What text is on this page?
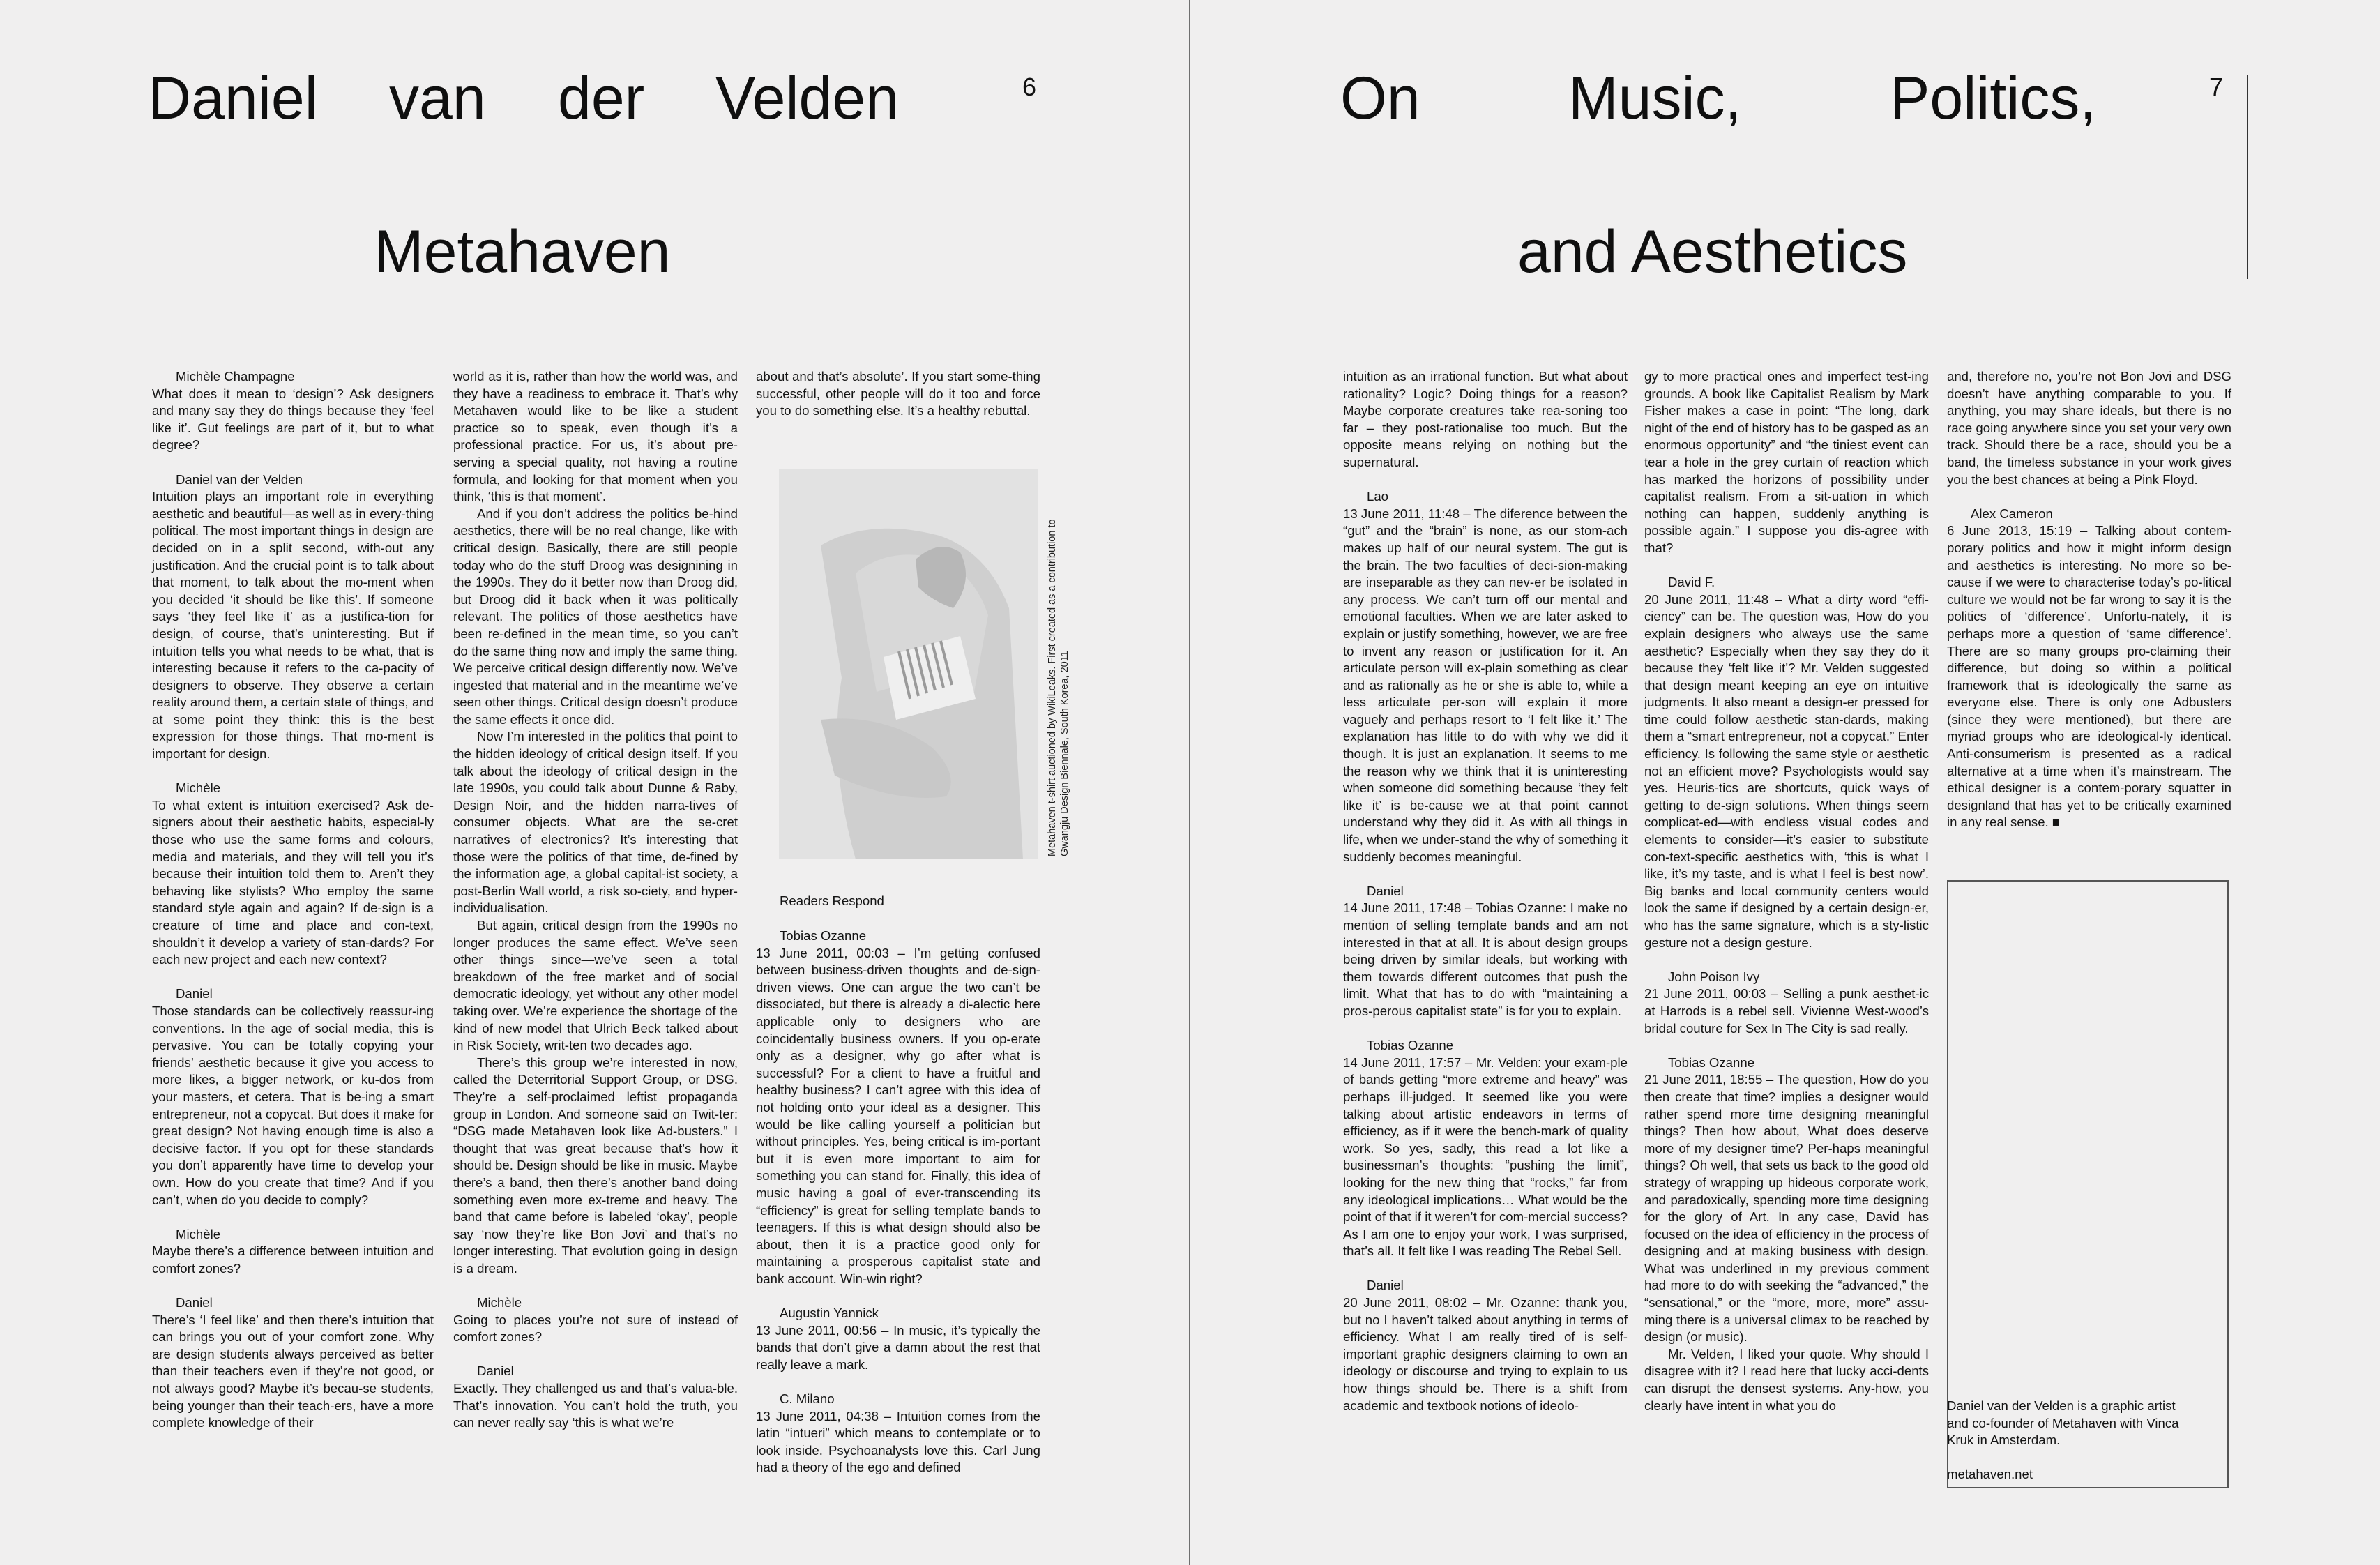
Daniel van der Velden
Metahaven
6

Michèle Champagne

What does it mean to ‘design’? Ask designers and many say they do things because they ‘feel like it’. Gut feelings are part of it, but to what degree?

Daniel van der Velden

Intuition plays an important role in everything aesthetic and beautiful—as well as in every-thing political. The most important things in design are decided on in a split second, with-out any justification. And the crucial point is to talk about that moment, to talk about the mo-ment when you decided ‘it should be like this’. If someone says ‘they feel like it’ as a justifica-tion for design, of course, that’s uninteresting. But if intuition tells you what needs to be what, that is interesting because it refers to the ca-pacity of designers to observe. They observe a certain reality around them, a certain state of things, and at some point they think: this is the best expression for those things. That mo-ment is important for design.

Michèle

To what extent is intuition exercised? Ask de-signers about their aesthetic habits, especial-ly those who use the same forms and colours, media and materials, and they will tell you it’s because their intuition told them to. Aren’t they behaving like stylists? Who employ the same standard style again and again? If de-sign is a creature of time and place and con-text, shouldn’t it develop a variety of stan-dards? For each new project and each new context?

Daniel

Those standards can be collectively reassur-ing conventions. In the age of social media, this is pervasive. You can be totally copying your friends’ aesthetic because it give you access to more likes, a bigger network, or ku-dos from your masters, et cetera. That is be-ing a smart entrepreneur, not a copycat. But does it make for great design? Not having enough time is also a decisive factor. If you opt for these standards you don’t apparently have time to develop your own. How do you create that time? And if you can’t, when do you decide to comply?

Michèle

Maybe there’s a difference between intuition and comfort zones?

Daniel

There’s ‘I feel like’ and then there’s intuition that can brings you out of your comfort zone. Why are design students always perceived as better than their teachers even if they’re not good, or not always good? Maybe it’s becau-se students, being younger than their teach-ers, have a more complete knowledge of their

world as it is, rather than how the world was, and they have a readiness to embrace it. That’s why Metahaven would like to be like a student practice so to speak, even though it’s a professional practice. For us, it’s about pre-serving a special quality, not having a routine formula, and looking for that moment when you think, ‘this is that moment’.

And if you don’t address the politics be-hind aesthetics, there will be no real change, like with critical design. Basically, there are still people today who do the stuff Droog was designining in the 1990s. They do it better now than Droog did, but Droog did it back when it was politically relevant. The politics of those aesthetics have been re-defined in the mean time, so you can’t do the same thing now and imply the same thing. We perceive critical design differently now. We’ve ingested that material and in the meantime we’ve seen other things. Critical design doesn’t produce the same effects it once did.

Now I’m interested in the politics that point to the hidden ideology of critical design itself. If you talk about the ideology of critical design in the late 1990s, you could talk about Dunne & Raby, Design Noir, and the hidden narra-tives of consumer objects. What are the se-cret narratives of electronics? It’s interesting that those were the politics of that time, de-fined by the information age, a global capital-ist society, a post-Berlin Wall world, a risk so-ciety, and hyper-individualisation.

But again, critical design from the 1990s no longer produces the same effect. We’ve seen other things since—we’ve seen a total breakdown of the free market and of social democratic ideology, yet without any other model taking over. We’re experience the shortage of the kind of new model that Ulrich Beck talked about in Risk Society, writ-ten two decades ago.

There’s this group we’re interested in now, called the Deterritorial Support Group, or DSG. They’re a self-proclaimed leftist propaganda group in London. And someone said on Twit-ter: “DSG made Metahaven look like Ad-busters.” I thought that was great because that’s how it should be. Design should be like in music. Maybe there’s a band, then there’s another band doing something even more ex-treme and heavy. The band that came before is labeled ‘okay’, people say ‘now they’re like Bon Jovi’ and that’s no longer interesting. That evolution going in design is a dream.

Michèle

Going to places you’re not sure of instead of comfort zones?

Daniel

Exactly. They challenged us and that’s valua-ble. That’s innovation. You can’t hold the truth, you can never really say ‘this is what we’re

about and that’s absolute’. If you start some-thing successful, other people will do it too and force you to do something else. It’s a healthy rebuttal.

Metahaven t-shirt auctioned by WikiLeaks. First created as a contribution to Gwangju Design Biennale, South Korea, 2011

Readers Respond

Tobias Ozanne

13 June 2011, 00:03 – I’m getting confused between business-driven thoughts and de-sign-driven views. One can argue the two can’t be dissociated, but there is already a di-alectic here applicable only to designers who are coincidentally business owners. If you op-erate only as a designer, why go after what is successful? For a client to have a fruitful and healthy business? I can’t agree with this idea of not holding onto your ideal as a designer. This would be like calling yourself a politician but without principles. Yes, being critical is im-portant but it is even more important to aim for something you can stand for. Finally, this idea of music having a goal of ever-transcending its “efficiency” is great for selling template bands to teenagers. If this is what design should also be about, then it is a practice good only for maintaining a prosperous capitalist state and bank account. Win-win right?

Augustin Yannick

13 June 2011, 00:56 – In music, it’s typically the bands that don’t give a damn about the rest that really leave a mark.

C. Milano

13 June 2011, 04:38 – Intuition comes from the latin “intueri” which means to contemplate or to look inside. Psychoanalysts love this. Carl Jung had a theory of the ego and defined

On Music, Politics,
and Aesthetics
7

intuition as an irrational function. But what about rationality? Logic? Doing things for a reason? Maybe corporate creatures take rea-soning too far – they post-rationalise too much. But the opposite means relying on nothing but the supernatural.

Lao

13 June 2011, 11:48 – The diference between the “gut” and the “brain” is none, as our stom-ach makes up half of our neural system. The gut is the brain. The two faculties of deci-sion-making are inseparable as they can nev-er be isolated in any process. We can’t turn off our mental and emotional faculties. When we are later asked to explain or justify something, however, we are free to invent any reason or justification for it. An articulate person will ex-plain something as clear and as rationally as he or she is able to, while a less articulate per-son will explain it more vaguely and perhaps resort to ‘I felt like it.’ The explanation has little to do with why we did it though. It is just an explanation. It seems to me the reason why we think that it is uninteresting when someone did something because ‘they felt like it’ is be-cause we at that point cannot understand why they did it. As with all things in life, when we under-stand the why of something it suddenly becomes meaningful.

Daniel

14 June 2011, 17:48 – Tobias Ozanne: I make no mention of selling template bands and am not interested in that at all. It is about design groups being driven by similar ideals, but working with them towards different outcomes that push the limit. What that has to do with “maintaining a pros-perous capitalist state” is for you to explain.

Tobias Ozanne

14 June 2011, 17:57 – Mr. Velden: your exam-ple of bands getting “more extreme and heavy” was perhaps ill-judged. It seemed like you were talking about artistic endeavors in terms of efficiency, as if it were the bench-mark of quality work. So yes, sadly, this read a lot like a businessman’s thoughts: “pushing the limit”, looking for the new thing that “rocks,” far from any ideological implications… What would be the point of that if it weren’t for com-mercial success? As I am one to enjoy your work, I was surprised, that’s all. It felt like I was reading The Rebel Sell.

Daniel

20 June 2011, 08:02 – Mr. Ozanne: thank you, but no I haven’t talked about anything in terms of efficiency. What I am really tired of is self-important graphic designers claiming to own an ideology or discourse and trying to explain to us how things should be. There is a shift from academic and textbook notions of ideolo-

gy to more practical ones and imperfect test-ing grounds. A book like Capitalist Realism by Mark Fisher makes a case in point: “The long, dark night of the end of history has to be gasped as an enormous opportunity” and “the tiniest event can tear a hole in the grey curtain of reaction which has marked the horizons of possibility under capitalist realism. From a sit-uation in which nothing can happen, suddenly anything is possible again.” I suppose you dis-agree with that?

David F.

20 June 2011, 11:48 – What a dirty word “effi-ciency” can be. The question was, How do you explain designers who always use the same aesthetic? Especially when they say they do it because they ‘felt like it’? Mr. Velden suggested that design meant keeping an eye on intuitive judgments. It also meant a design-er pressed for time could follow aesthetic stan-dards, making them a “smart entrepreneur, not a copycat.” Enter efficiency. Is following the same style or aesthetic not an efficient move? Psychologists would say yes. Heuris-tics are shortcuts, quick ways of getting to de-sign solutions. When things seem complicat-ed—with endless visual codes and elements to consider—it’s easier to substitute con-text-specific aesthetics with, ‘this is what I like, it’s my taste, and is what I feel is best now’. Big banks and local community centers would look the same if designed by a certain design-er, who has the same signature, which is a sty-listic gesture not a design gesture.

John Poison Ivy

21 June 2011, 00:03 – Selling a punk aesthet-ic at Harrods is a rebel sell. Vivienne West-wood’s bridal couture for Sex In The City is sad really.

Tobias Ozanne

21 June 2011, 18:55 – The question, How do you then create that time? implies a designer would rather spend more time designing meaningful things? Then how about, What does deserve more of my designer time? Per-haps meaningful things? Oh well, that sets us back to the good old strategy of wrapping up hideous corporate work, and paradoxically, spending more time designing for the glory of Art. In any case, David has focused on the idea of efficiency in the process of designing and at making business with design. What was underlined in my previous comment had more to do with seeking the “advanced,” the “sensational,” or the “more, more, more” assu-ming there is a universal climax to be reached by design (or music).

Mr. Velden, I liked your quote. Why should I disagree with it? I read here that lucky acci-dents can disrupt the densest systems. Any-how, you clearly have intent in what you do

and, therefore no, you’re not Bon Jovi and DSG doesn’t have anything comparable to you. If anything, you may share ideals, but there is no race going anywhere since you set your very own track. Should there be a race, should you be a band, the timeless substance in your work gives you the best chances at being a Pink Floyd.

Alex Cameron

6 June 2013, 15:19 – Talking about contem-porary politics and how it might inform design and aesthetics is interesting. No more so be-cause if we were to characterise today’s po-litical culture we would not be far wrong to say it is the politics of ‘difference’. Unfortu-nately, it is perhaps more a question of ‘same difference’. There are so many groups pro-claiming their difference, but doing so within a political framework that is ideologically the same as everyone else. There is only one Adbusters (since they were mentioned), but there are myriad groups who are ideological-ly identical. Anti-consumerism is presented as a radical alternative at a time when it’s mainstream. The ethical designer is a contem-porary squatter in designland that has yet to be critically examined in any real sense. ■

Daniel van der Velden is a graphic artist and co-founder of Metahaven with Vinca Kruk in Amsterdam.

metahaven.net
